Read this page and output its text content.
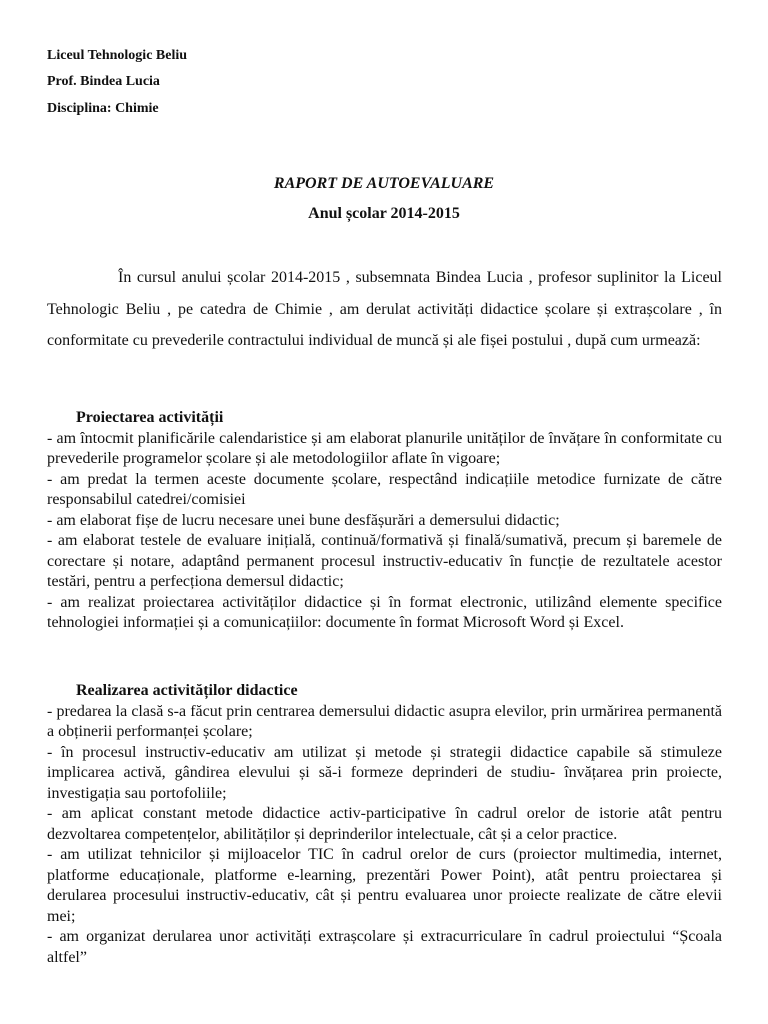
Liceul Tehnologic Beliu
Prof. Bindea Lucia
Disciplina: Chimie
RAPORT DE AUTOEVALUARE
Anul școlar 2014-2015

În cursul anului școlar 2014-2015 , subsemnata Bindea Lucia , profesor suplinitor la Liceul Tehnologic Beliu , pe catedra de Chimie , am derulat activități didactice școlare și extrașcolare , în conformitate cu prevederile contractului individual de muncă și ale fișei postului , după cum urmează:

Proiectarea activității

- am întocmit planificările calendaristice și am elaborat planurile unităților de învățare în conformitate cu prevederile programelor școlare și ale metodologiilor aflate în vigoare;

- am predat la termen aceste documente școlare, respectând indicațiile metodice furnizate de către responsabilul catedrei/comisiei

- am elaborat fișe de lucru necesare unei bune desfășurări a demersului didactic;

- am elaborat testele de evaluare inițială, continuă/formativă și finală/sumativă, precum și baremele de corectare și notare, adaptând permanent procesul instructiv-educativ în funcție de rezultatele acestor testări, pentru a perfecționa demersul didactic;

- am realizat proiectarea activităților didactice și în format electronic, utilizând elemente specifice tehnologiei informației și a comunicațiilor: documente în format Microsoft Word și Excel.

Realizarea activităților didactice

- predarea la clasă s-a făcut prin centrarea demersului didactic asupra elevilor, prin urmărirea permanentă a obținerii performanței școlare;

- în procesul instructiv-educativ am utilizat și metode și strategii didactice capabile să stimuleze implicarea activă, gândirea elevului și să-i formeze deprinderi de studiu- învățarea prin proiecte, investigația sau portofoliile;

- am aplicat constant metode didactice activ-participative în cadrul orelor de istorie atât pentru dezvoltarea competențelor, abilităților și deprinderilor intelectuale, cât și a celor practice.

- am utilizat tehnicilor și mijloacelor TIC în cadrul orelor de curs (proiector multimedia, internet, platforme educaționale, platforme e-learning, prezentări Power Point), atât pentru proiectarea și derularea procesului instructiv-educativ, cât și pentru evaluarea unor proiecte realizate de către elevii mei;

- am organizat derularea unor activități extrașcolare și extracurriculare în cadrul proiectului “Școala altfel”
